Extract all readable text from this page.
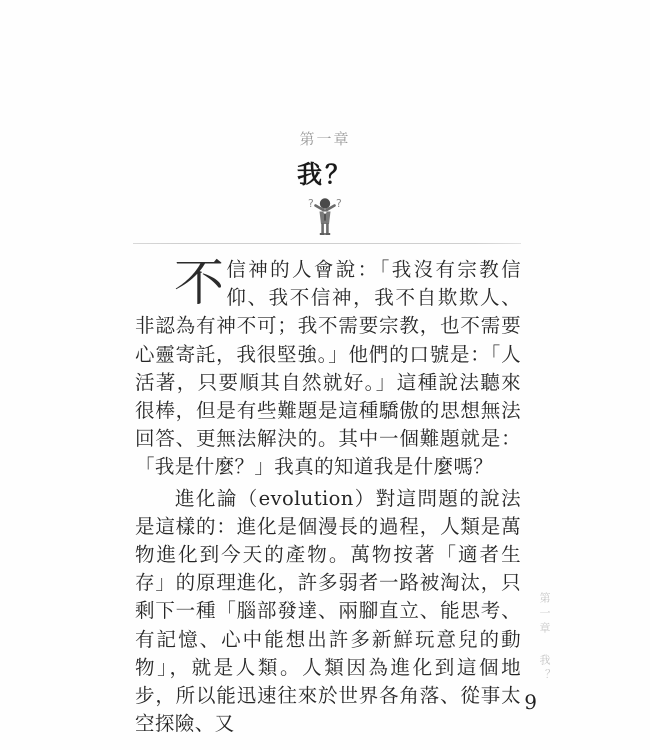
第一章
我？
? ?

不信神的人會說：「我沒有宗教信仰、我不信神，我不自欺欺人、非認為有神不可；我不需要宗教，也不需要心靈寄託，我很堅強。」他們的口號是：「人活著，只要順其自然就好。」這種說法聽來很棒，但是有些難題是這種驕傲的思想無法回答、更無法解決的。其中一個難題就是：「我是什麼？」我真的知道我是什麼嗎？

進化論（evolution）對這問題的說法是這樣的：進化是個漫長的過程，人類是萬物進化到今天的產物。萬物按著「適者生存」的原理進化，許多弱者一路被淘汰，只剩下一種「腦部發達、兩腳直立、能思考、有記憶、心中能想出許多新鮮玩意兒的動物」，就是人類。人類因為進化到這個地步，所以能迅速往來於世界各角落、從事太空探險、又

第一章 我？
9
